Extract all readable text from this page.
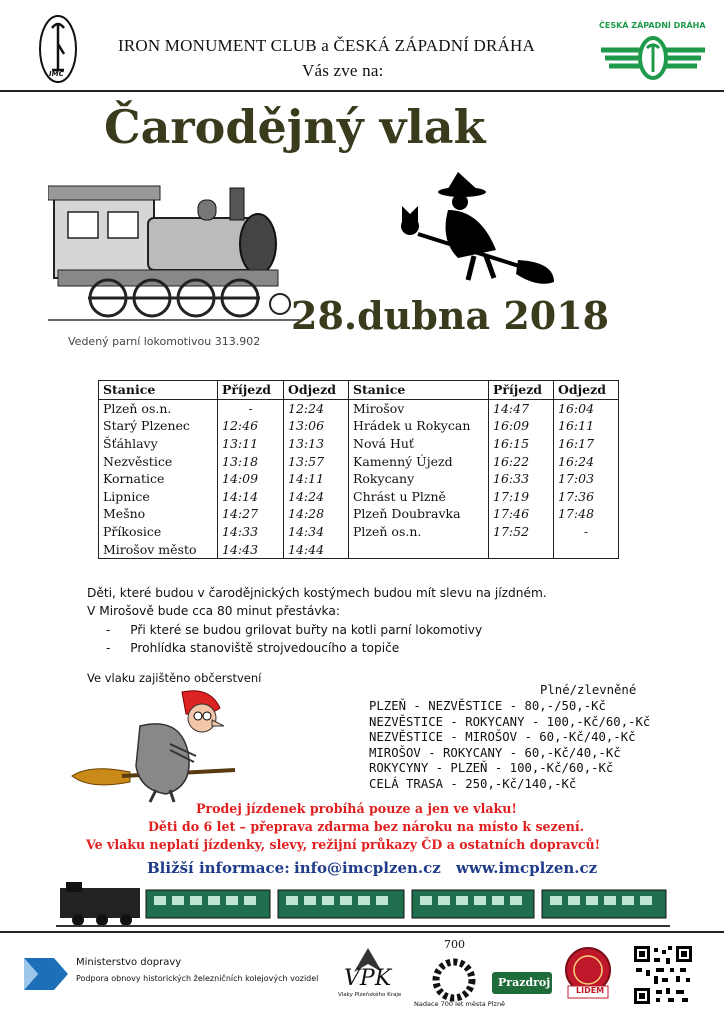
IMC
IRON MONUMENT CLUB a ČESKÁ ZÁPADNÍ DRÁHA
Vás zve na:
ČESKÁ ZÁPADNÍ DRÁHA
Čarodějný vlak
28.dubna 2018
Vedený parní lokomotivou 313.902
Stanice	Příjezd	Odjezd	Stanice	Příjezd	Odjezd
Plzeň os.n.	-	12:24	Mirošov	14:47	16:04
Starý Plzenec	12:46	13:06	Hrádek u Rokycan	16:09	16:11
Šťáhlavy	13:11	13:13	Nová Huť	16:15	16:17
Nezvěstice	13:18	13:57	Kamenný Újezd	16:22	16:24
Kornatice	14:09	14:11	Rokycany	16:33	17:03
Lipnice	14:14	14:24	Chrást u Plzně	17:19	17:36
Mešno	14:27	14:28	Plzeň Doubravka	17:46	17:48
Příkosice	14:33	14:34	Plzeň os.n.	17:52	-
Mirošov město	14:43	14:44			
Děti, které budou v čarodějnických kostýmech budou mít slevu na jízdném.
V Mirošově bude cca 80 minut přestávka:
- Při které se budou grilovat buřty na kotli parní lokomotivy
- Prohlídka stanoviště strojvedoucího a topiče
Ve vlaku zajištěno občerstvení
Plné/zlevněné
PLZEŇ - NEZVĚSTICE - 80,-/50,-Kč
NEZVĚSTICE - ROKYCANY - 100,-Kč/60,-Kč
NEZVĚSTICE - MIROŠOV - 60,-Kč/40,-Kč
MIROŠOV - ROKYCANY - 60,-Kč/40,-Kč
ROKYCYNY - PLZEŇ - 100,-Kč/60,-Kč
CELÁ TRASA - 250,-Kč/140,-Kč
Prodej jízdenek probíhá pouze a jen ve vlaku!
Děti do 6 let – přeprava zdarma bez nároku na místo k sezení.
Ve vlaku neplatí jízdenky, slevy, režijní průkazy ČD a ostatních dopravců!
Bližší informace: info@imcplzen.cz www.imcplzen.cz
Ministerstvo dopravy
Podpora obnovy historických železničních kolejových vozidel VPK
Vlaky Plzeňského Kraje
700
Nadace 700 let města Plzně
Prazdroj
LIDEM
